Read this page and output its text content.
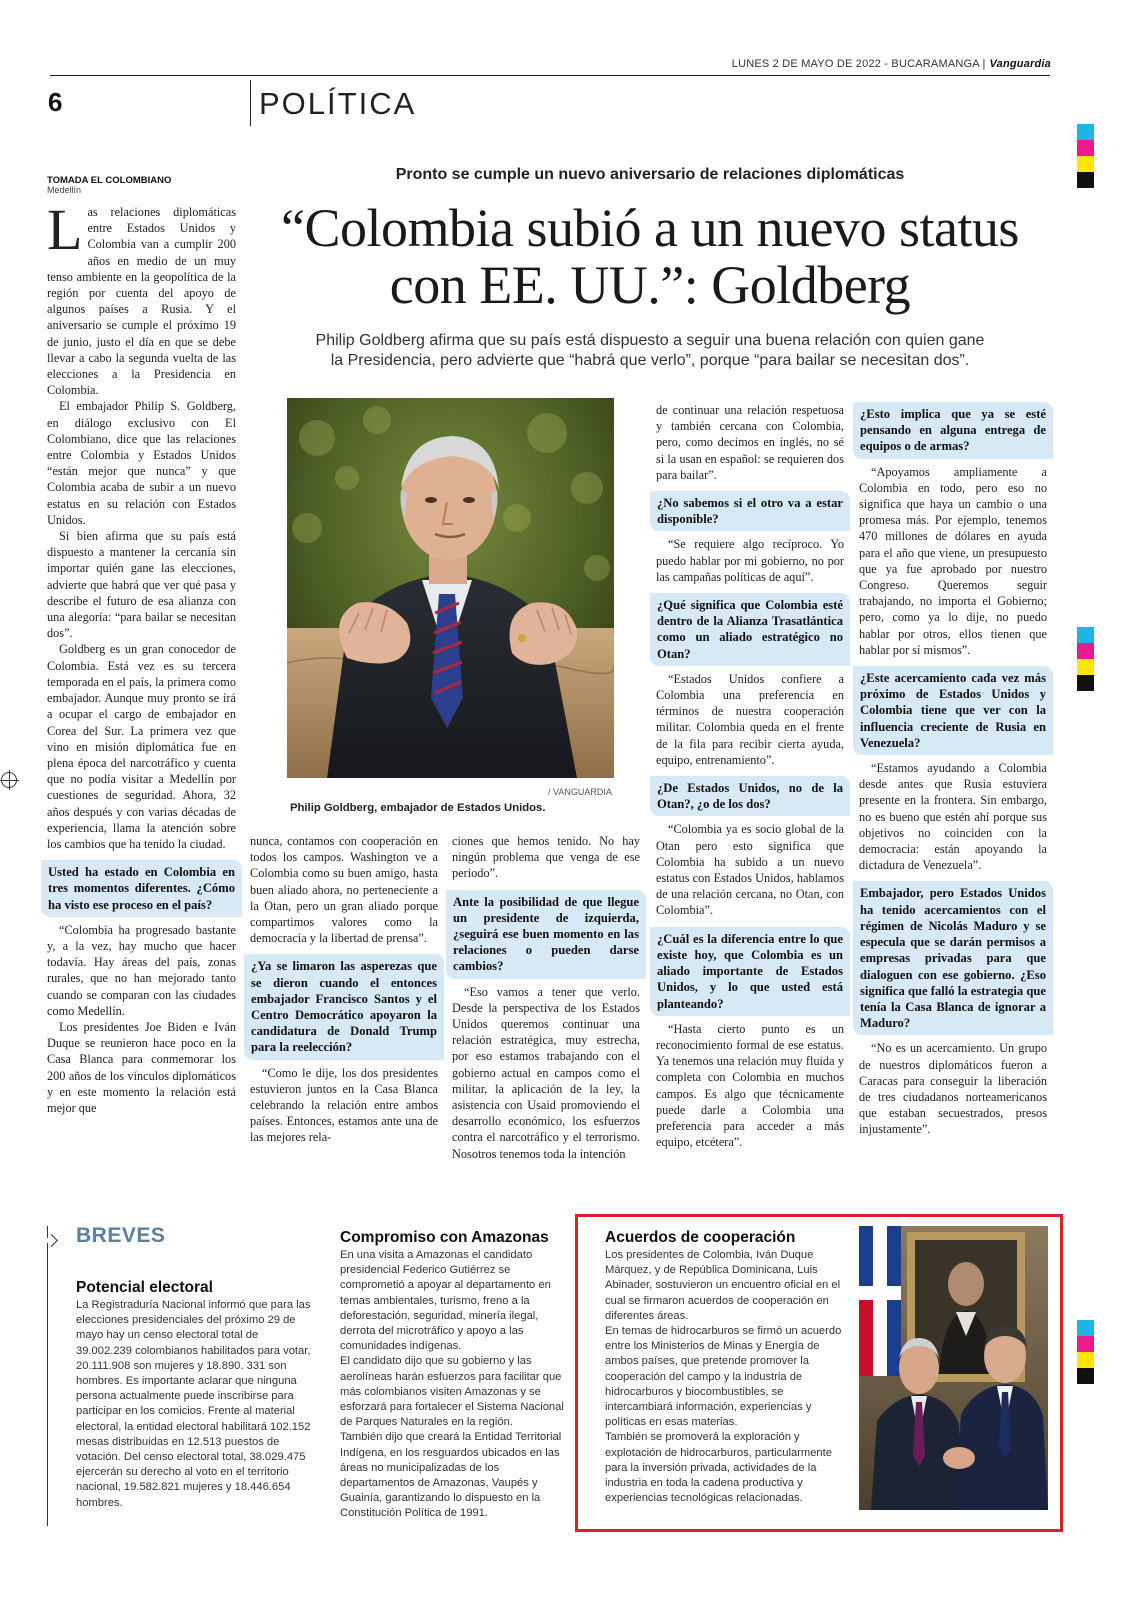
LUNES 2 DE MAYO DE 2022 - BUCARAMANGA | Vanguardia
6	POLÍTICA
TOMADA EL COLOMBIANO
Medellín
Pronto se cumple un nuevo aniversario de relaciones diplomáticas
“Colombia subió a un nuevo status
con EE. UU.”: Goldberg
Philip Goldberg afirma que su país está dispuesto a seguir una buena relación con quien gane
la Presidencia, pero advierte que “habrá que verlo”, porque “para bailar se necesitan dos”.
/ VANGUARDIA
Philip Goldberg, embajador de Estados Unidos.

Las relaciones diplomáticas entre Estados Unidos y Colombia van a cumplir 200 años en medio de un muy tenso ambiente en la geopolítica de la región por cuenta del apoyo de algunos países a Rusia. Y el aniversario se cumple el próximo 19 de junio, justo el día en que se debe llevar a cabo la segunda vuelta de las elecciones a la Presidencia en Colombia.

El embajador Philip S. Goldberg, en diálogo exclusivo con El Colombiano, dice que las relaciones entre Colombia y Estados Unidos “están mejor que nunca” y que Colombia acaba de subir a un nuevo estatus en su relación con Estados Unidos.

Si bien afirma que su país está dispuesto a mantener la cercanía sin importar quién gane las elecciones, advierte que habrá que ver qué pasa y describe el futuro de esa alianza con una alegoría: “para bailar se necesitan dos”.

Goldberg es un gran conocedor de Colombia. Está vez es su tercera temporada en el país, la primera como embajador. Aunque muy pronto se irá a ocupar el cargo de embajador en Corea del Sur. La primera vez que vino en misión diplomática fue en plena época del narcotráfico y cuenta que no podía visitar a Medellín por cuestiones de seguridad. Ahora, 32 años después y con varias décadas de experiencia, llama la atención sobre los cambios que ha tenido la ciudad.

Usted ha estado en Colombia en tres momentos diferentes. ¿Cómo ha visto ese proceso en el país?

“Colombia ha progresado bastante y, a la vez, hay mucho que hacer todavía. Hay áreas del país, zonas rurales, que no han mejorado tanto cuando se comparan con las ciudades como Medellín.

Los presidentes Joe Biden e Iván Duque se reunieron hace poco en la Casa Blanca para conmemorar los 200 años de los vínculos diplomáticos y en este momento la relación está mejor que

nunca, contamos con cooperación en todos los campos. Washington ve a Colombia como su buen amigo, hasta buen aliado ahora, no perteneciente a la Otan, pero un gran aliado porque compartimos valores como la democracia y la libertad de prensa”.

¿Ya se limaron las asperezas que se dieron cuando el entonces embajador Francisco Santos y el Centro Democrático apoyaron la candidatura de Donald Trump para la reelección?

“Como le dije, los dos presidentes estuvieron juntos en la Casa Blanca celebrando la relación entre ambos países. Entonces, estamos ante una de las mejores rela-

ciones que hemos tenido. No hay ningún problema que venga de ese periodo”.

Ante la posibilidad de que llegue un presidente de izquierda, ¿seguirá ese buen momento en las relaciones o pueden darse cambios?

“Eso vamos a tener que verlo. Desde la perspectiva de los Estados Unidos queremos continuar una relación estratégica, muy estrecha, por eso estamos trabajando con el gobierno actual en campos como el militar, la aplicación de la ley, la asistencia con Usaid promoviendo el desarrollo económico, los esfuerzos contra el narcotráfico y el terrorismo. Nosotros tenemos toda la intención

de continuar una relación respetuosa y también cercana con Colombia, pero, como decimos en inglés, no sé si la usan en español: se requieren dos para bailar”.

¿No sabemos si el otro va a estar disponible?

“Se requiere algo recíproco. Yo puedo hablar por mi gobierno, no por las campañas políticas de aquí”.

¿Qué significa que Colombia esté dentro de la Alianza Trasatlántica como un aliado estratégico no Otan?

“Estados Unidos confiere a Colombia una preferencia en términos de nuestra cooperación militar. Colombia queda en el frente de la fila para recibir cierta ayuda, equipo, entrenamiento”.

¿De Estados Unidos, no de la Otan?, ¿o de los dos?

“Colombia ya es socio global de la Otan pero esto significa que Colombia ha subido a un nuevo estatus con Estados Unidos, hablamos de una relación cercana, no Otan, con Colombia”.

¿Cuál es la diferencia entre lo que existe hoy, que Colombia es un aliado importante de Estados Unidos, y lo que usted está planteando?

“Hasta cierto punto es un reconocimiento formal de ese estatus. Ya tenemos una relación muy fluida y completa con Colombia en muchos campos. Es algo que técnicamente puede darle a Colombia una preferencia para acceder a más equipo, etcétera”.

¿Esto implica que ya se esté pensando en alguna entrega de equipos o de armas?

“Apoyamos ampliamente a Colombia en todo, pero eso no significa que haya un cambio o una promesa más. Por ejemplo, tenemos 470 millones de dólares en ayuda para el año que viene, un presupuesto que ya fue aprobado por nuestro Congreso. Queremos seguir trabajando, no importa el Gobierno; pero, como ya lo dije, no puedo hablar por otros, ellos tienen que hablar por sí mismos”.

¿Este acercamiento cada vez más próximo de Estados Unidos y Colombia tiene que ver con la influencia creciente de Rusia en Venezuela?

“Estamos ayudando a Colombia desde antes que Rusia estuviera presente en la frontera. Sin embargo, no es bueno que estén ahí porque sus objetivos no coinciden con la democracia: están apoyando la dictadura de Venezuela”.

Embajador, pero Estados Unidos ha tenido acercamientos con el régimen de Nicolás Maduro y se especula que se darán permisos a empresas privadas para que dialoguen con ese gobierno. ¿Eso significa que falló la estrategia que tenía la Casa Blanca de ignorar a Maduro?

“No es un acercamiento. Un grupo de nuestros diplomáticos fueron a Caracas para conseguir la liberación de tres ciudadanos norteamericanos que estaban secuestrados, presos injustamente”.

BREVES
Potencial electoral

La Registraduría Nacional informó que para las elecciones presidenciales del próximo 29 de mayo hay un censo electoral total de 39.002.239 colombianos habilitados para votar, 20.111.908 son mujeres y 18.890. 331 son hombres. Es importante aclarar que ninguna persona actualmente puede inscribirse para participar en los comicios. Frente al material electoral, la entidad electoral habilitará 102.152 mesas distribuidas en 12.513 puestos de votación. Del censo electoral total, 38.029.475 ejercerán su derecho al voto en el territorio nacional, 19.582.821 mujeres y 18.446.654 hombres.

Compromiso con Amazonas

En una visita a Amazonas el candidato presidencial Federico Gutiérrez se comprometió a apoyar al departamento en temas ambientales, turismo, freno a la deforestación, seguridad, minería ilegal, derrota del microtráfico y apoyo a las comunidades indígenas.

El candidato dijo que su gobierno y las aerolíneas harán esfuerzos para facilitar que más colombianos visiten Amazonas y se esforzará para fortalecer el Sistema Nacional de Parques Naturales en la región.

También dijo que creará la Entidad Territorial Indígena, en los resguardos ubicados en las áreas no municipalizadas de los departamentos de Amazonas, Vaupés y Guainía, garantizando lo dispuesto en la Constitución Política de 1991.

Acuerdos de cooperación

Los presidentes de Colombia, Iván Duque Márquez, y de República Dominicana, Luis Abinader, sostuvieron un encuentro oficial en el cual se firmaron acuerdos de cooperación en diferentes áreas.

En temas de hidrocarburos se firmó un acuerdo entre los Ministerios de Minas y Energía de ambos países, que pretende promover la cooperación del campo y la industria de hidrocarburos y biocombustibles, se intercambiará información, experiencias y políticas en esas materias.

También se promoverá la exploración y explotación de hidrocarburos, particularmente para la inversión privada, actividades de la industria en toda la cadena productiva y experiencias tecnológicas relacionadas.
